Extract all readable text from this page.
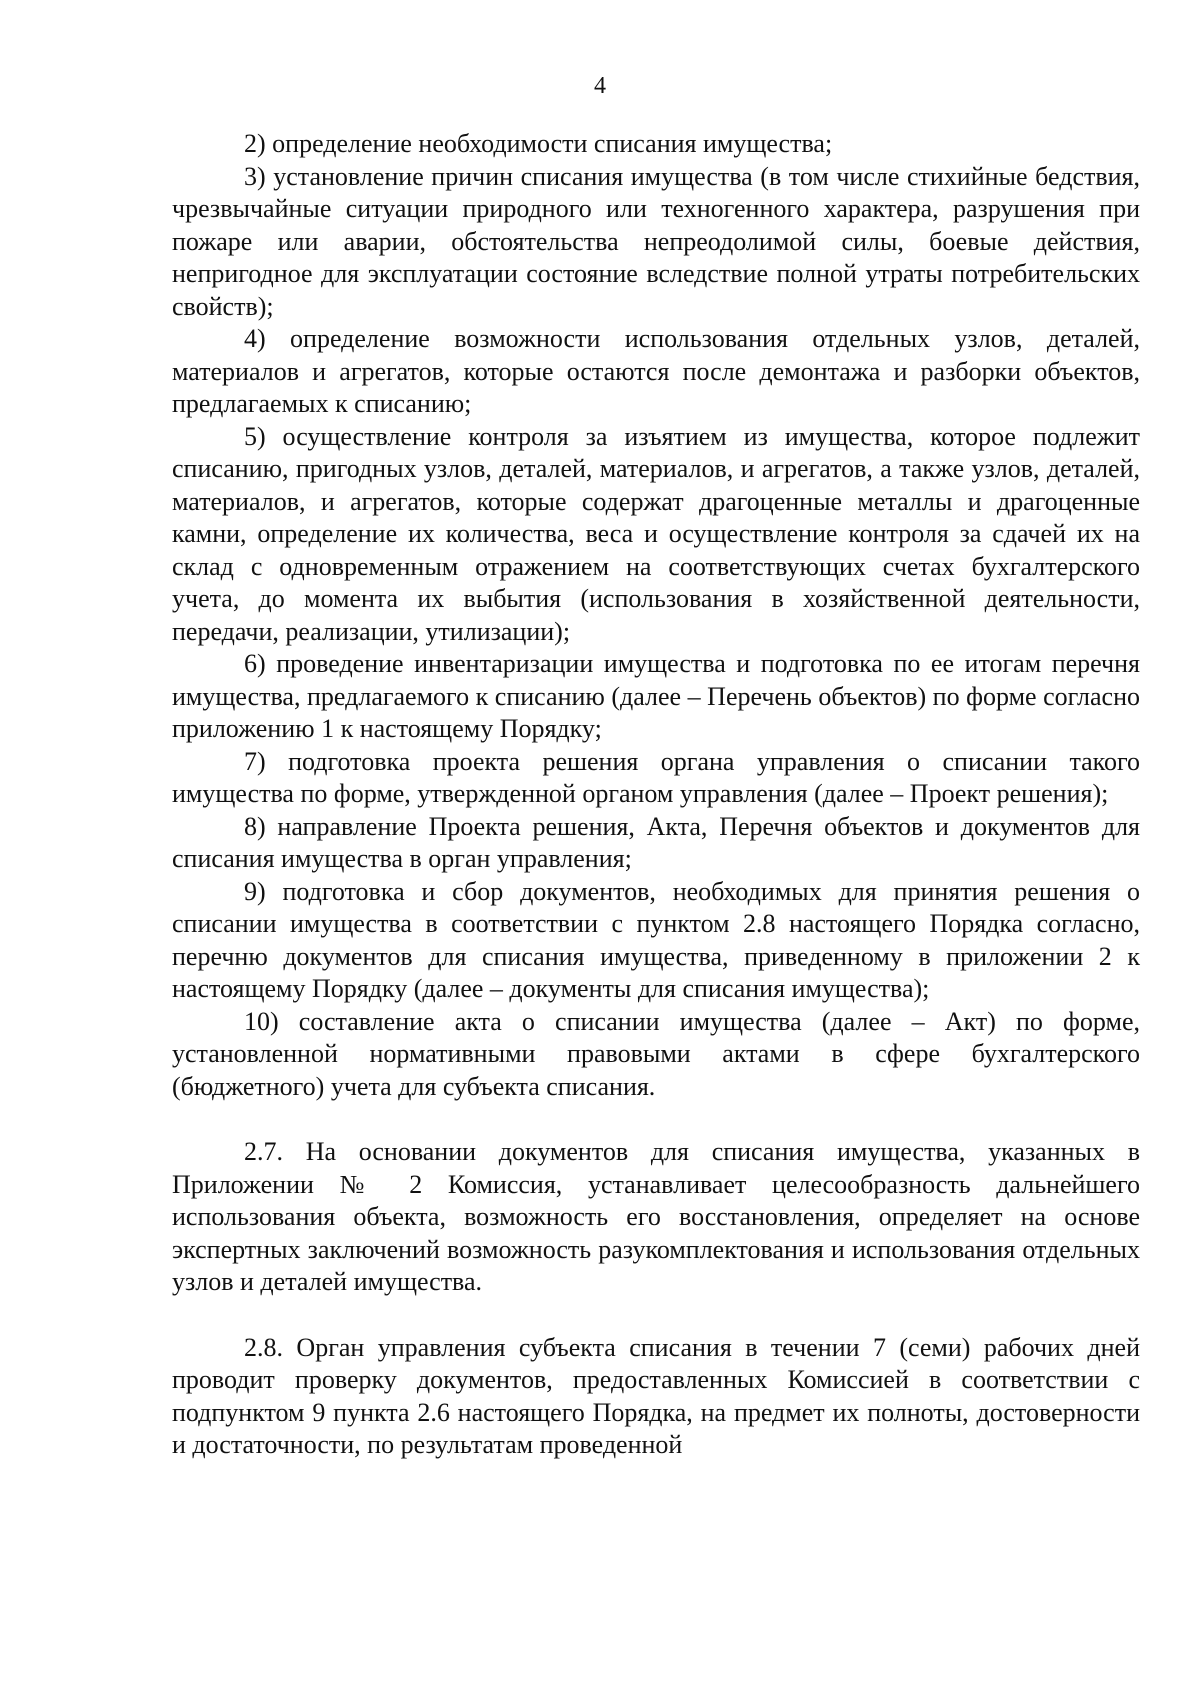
4

2) определение необходимости списания имущества;

3) установление причин списания имущества (в том числе стихийные бедствия, чрезвычайные ситуации природного или техногенного характера, разрушения при пожаре или аварии, обстоятельства непреодолимой силы, боевые действия, непригодное для эксплуатации состояние вследствие полной утраты потребительских свойств);

4) определение возможности использования отдельных узлов, деталей, материалов и агрегатов, которые остаются после демонтажа и разборки объектов, предлагаемых к списанию;

5) осуществление контроля за изъятием из имущества, которое подлежит списанию, пригодных узлов, деталей, материалов, и агрегатов, а также узлов, деталей, материалов, и агрегатов, которые содержат драгоценные металлы и драгоценные камни, определение их количества, веса и осуществление контроля за сдачей их на склад с одновременным отражением на соответствующих счетах бухгалтерского учета, до момента их выбытия (использования в хозяйственной деятельности, передачи, реализации, утилизации);

6) проведение инвентаризации имущества и подготовка по ее итогам перечня имущества, предлагаемого к списанию (далее – Перечень объектов) по форме согласно приложению 1 к настоящему Порядку;

7) подготовка проекта решения органа управления о списании такого имущества по форме, утвержденной органом управления (далее – Проект решения);

8) направление Проекта решения, Акта, Перечня объектов и документов для списания имущества в орган управления;

9) подготовка и сбор документов, необходимых для принятия решения о списании имущества в соответствии с пунктом 2.8 настоящего Порядка согласно, перечню документов для списания имущества, приведенному в приложении 2 к настоящему Порядку (далее – документы для списания имущества);

10) составление акта о списании имущества (далее – Акт) по форме, установленной нормативными правовыми актами в сфере бухгалтерского (бюджетного) учета для субъекта списания.

2.7. На основании документов для списания имущества, указанных в Приложении № 2 Комиссия, устанавливает целесообразность дальнейшего использования объекта, возможность его восстановления, определяет на основе экспертных заключений возможность разукомплектования и использования отдельных узлов и деталей имущества.

2.8. Орган управления субъекта списания в течении 7 (семи) рабочих дней проводит проверку документов, предоставленных Комиссией в соответствии с подпунктом 9 пункта 2.6 настоящего Порядка, на предмет их полноты, достоверности и достаточности, по результатам проведенной
